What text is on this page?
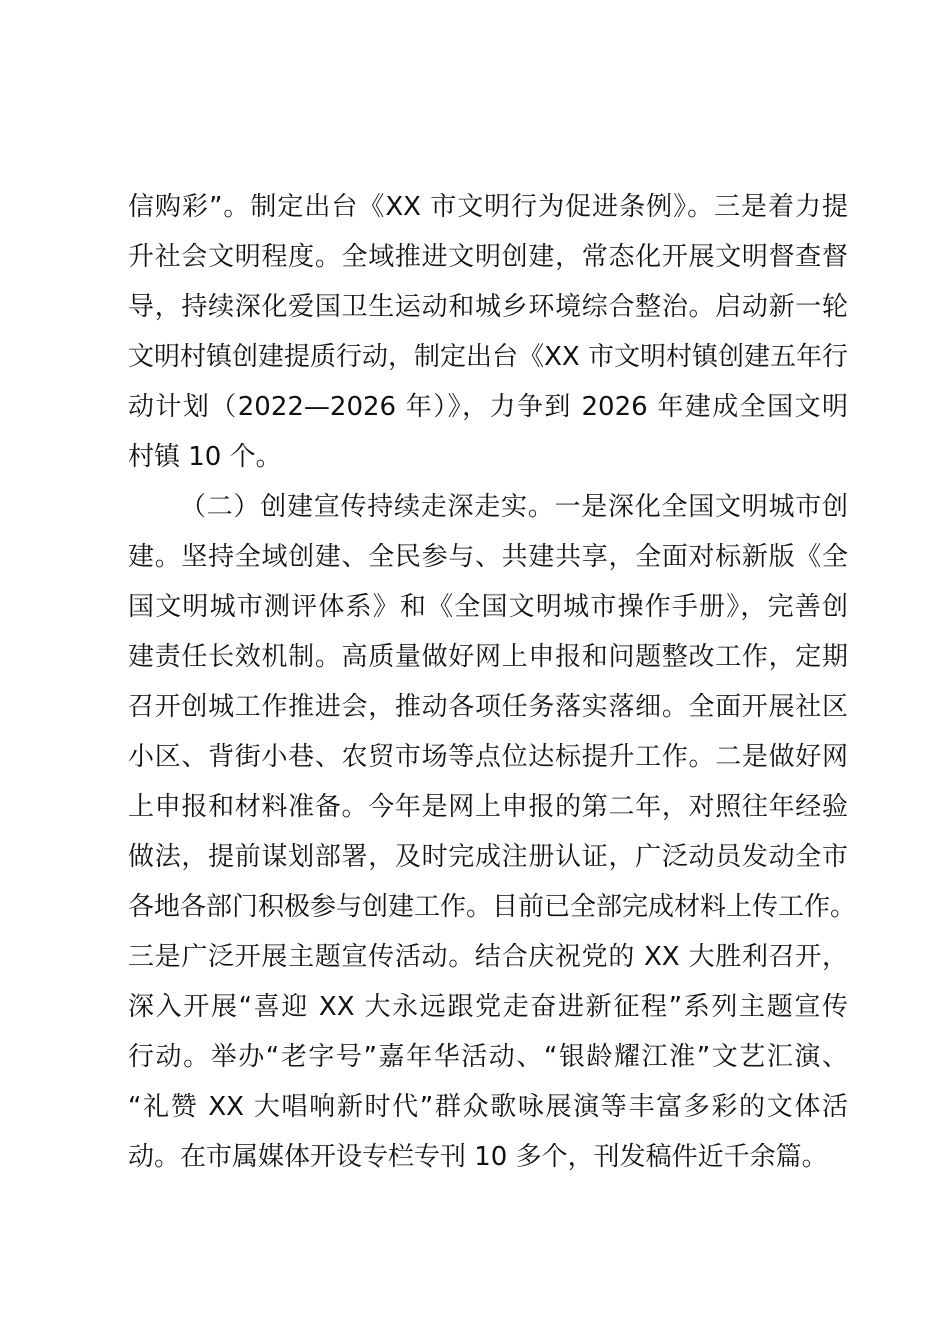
信购彩”。制定出台《XX 市文明行为促进条例》。三是着力提
升社会文明程度。全域推进文明创建，常态化开展文明督查督
导，持续深化爱国卫生运动和城乡环境综合整治。启动新一轮
文明村镇创建提质行动，制定出台《XX 市文明村镇创建五年行
动计划（2022—2026 年）》，力争到 2026 年建成全国文明
村镇 10 个。
（二）创建宣传持续走深走实。一是深化全国文明城市创
建。坚持全域创建、全民参与、共建共享，全面对标新版《全
国文明城市测评体系》和《全国文明城市操作手册》，完善创
建责任长效机制。高质量做好网上申报和问题整改工作，定期
召开创城工作推进会，推动各项任务落实落细。全面开展社区
小区、背街小巷、农贸市场等点位达标提升工作。二是做好网
上申报和材料准备。今年是网上申报的第二年，对照往年经验
做法，提前谋划部署，及时完成注册认证，广泛动员发动全市
各地各部门积极参与创建工作。目前已全部完成材料上传工作。
三是广泛开展主题宣传活动。结合庆祝党的 XX 大胜利召开，
深入开展“喜迎 XX 大永远跟党走奋进新征程”系列主题宣传
行动。举办“老字号”嘉年华活动、“银龄耀江淮”文艺汇演、
“礼赞 XX 大唱响新时代”群众歌咏展演等丰富多彩的文体活
动。在市属媒体开设专栏专刊 10 多个，刊发稿件近千余篇。
